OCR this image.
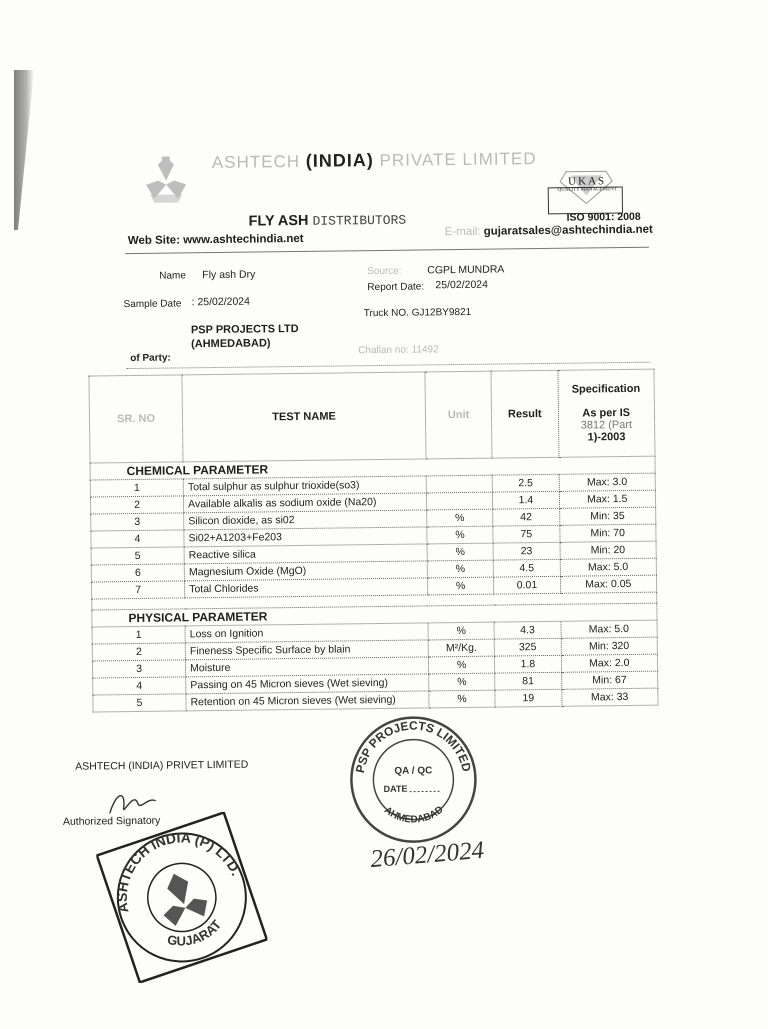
ASHTECH (INDIA) PRIVATE LIMITED
UKAS
QUALITY MANAGEMENT
ISO 9001: 2008
FLY ASH DISTRIBUTORS
Web Site: www.ashtechindia.net
E-mail: gujaratsales@ashtechindia.net
Name Fly ash Dry	Source: CGPL MUNDRA
Report Date: 25/02/2024
Sample Date : 25/02/2024
Truck NO. GJ12BY9821
PSP PROJECTS LTD
(AHMEDABAD)
of Party:
Challan no: 11492
SR. NO	TEST NAME	Unit	Result	Specification
As per IS
3812 (Part
1)-2003

CHEMICAL PARAMETER				
1	Total sulphur as sulphur trioxide(so3)		2.5	Max: 3.0
2	Available alkalis as sodium oxide (Na20)		1.4	Max: 1.5
3	Silicon dioxide, as si02	%	42	Min: 35
4	Si02+A1203+Fe203	%	75	Min: 70
5	Reactive silica	%	23	Min: 20
6	Magnesium Oxide (MgO)	%	4.5	Max: 5.0
7	Total Chlorides	%	0.01	Max: 0.05

PHYSICAL PARAMETER				
1	Loss on Ignition	%	4.3	Max: 5.0
2	Fineness Specific Surface by blain	M²/Kg.	325	Min: 320
3	Moisture	%	1.8	Max: 2.0
4	Passing on 45 Micron sieves (Wet sieving)	%	81	Min: 67
5	Retention on 45 Micron sieves (Wet sieving)	%	19	Max: 33
ASHTECH (INDIA) PRIVET LIMITED
Authorized Signatory
PSP PROJECTS LIMITED
AHMEDABAD
QA / QC
DATE
26/02/2024
ASHTECH INDIA (P) LTD.
GUJARAT
